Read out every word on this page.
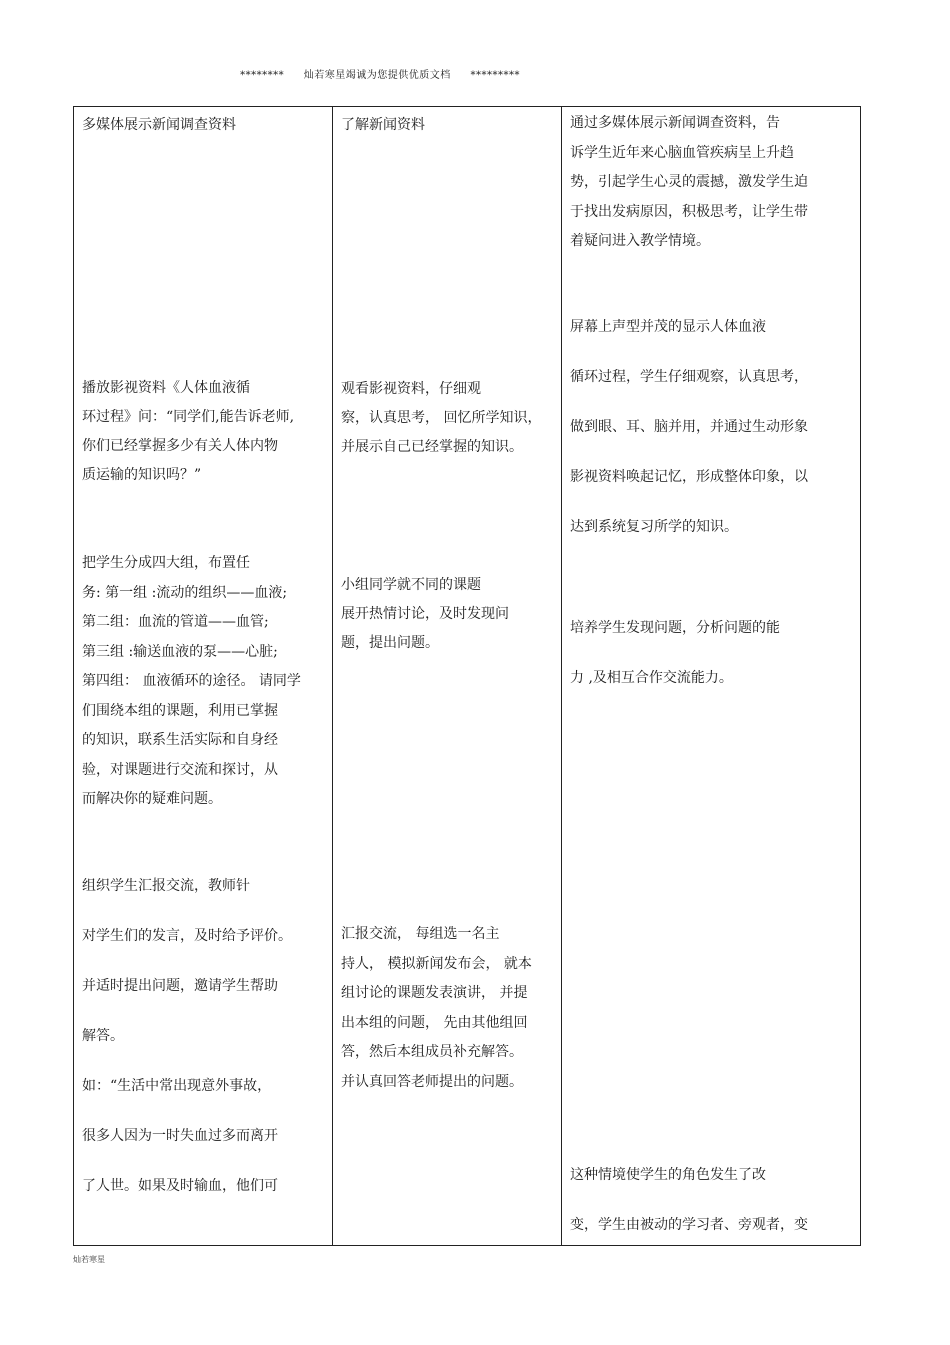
******** 灿若寒星竭诚为您提供优质文档 *********

多媒体展示新闻调查资料

播放影视资料《人体血液循
环过程》问：“同学们,能告诉老师,
你们已经掌握多少有关人体内物
质运输的知识吗？”

把学生分成四大组，布置任
务: 第一组 :流动的组织——血液;
第二组：血流的管道——血管;
第三组 :输送血液的泵——心脏;
第四组： 血液循环的途径。 请同学
们围绕本组的课题，利用已掌握
的知识，联系生活实际和自身经
验，对课题进行交流和探讨，从
而解决你的疑难问题。

组织学生汇报交流，教师针

对学生们的发言，及时给予评价。

并适时提出问题，邀请学生帮助

解答。

如：“生活中常出现意外事故，

很多人因为一时失血过多而离开

了人世。如果及时输血，他们可

了解新闻资料

观看影视资料，仔细观
察，认真思考， 回忆所学知识，
并展示自己已经掌握的知识。

小组同学就不同的课题
展开热情讨论，及时发现问
题，提出问题。

汇报交流， 每组选一名主
持人， 模拟新闻发布会， 就本
组讨论的课题发表演讲， 并提
出本组的问题， 先由其他组回
答，然后本组成员补充解答。
并认真回答老师提出的问题。

通过多媒体展示新闻调查资料，告
诉学生近年来心脑血管疾病呈上升趋
势，引起学生心灵的震撼，激发学生迫
于找出发病原因，积极思考，让学生带
着疑问进入教学情境。

屏幕上声型并茂的显示人体血液

循环过程，学生仔细观察，认真思考，

做到眼、耳、脑并用，并通过生动形象

影视资料唤起记忆，形成整体印象，以

达到系统复习所学的知识。

培养学生发现问题，分析问题的能

力 ,及相互合作交流能力。

这种情境使学生的角色发生了改

变，学生由被动的学习者、旁观者，变

灿若寒星
